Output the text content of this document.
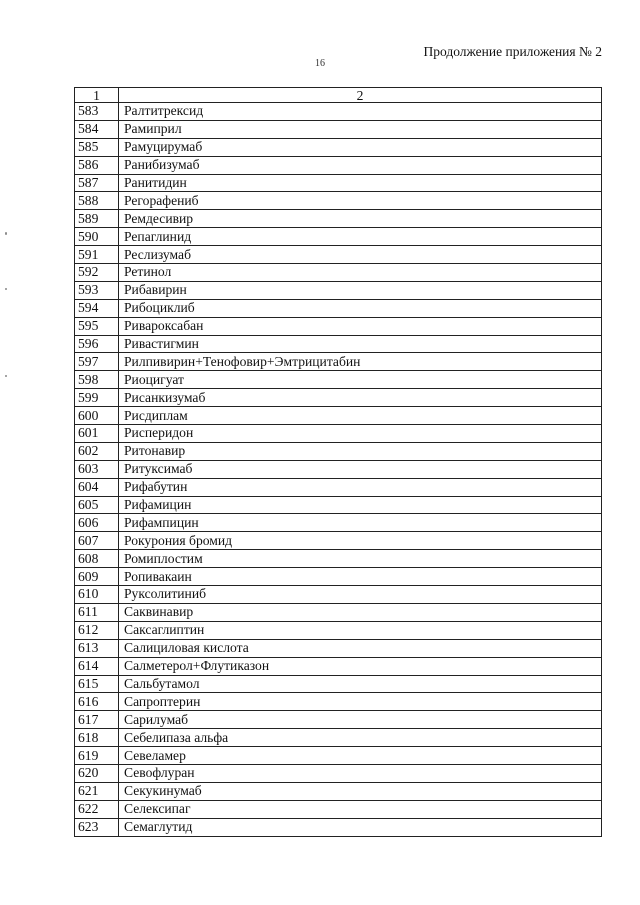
16
Продолжение приложения № 2
1	2
583	Ралтитрексид
584	Рамиприл
585	Рамуцирумаб
586	Ранибизумаб
587	Ранитидин
588	Регорафениб
589	Ремдесивир
590	Репаглинид
591	Реслизумаб
592	Ретинол
593	Рибавирин
594	Рибоциклиб
595	Ривароксабан
596	Ривастигмин
597	Рилпивирин+Тенофовир+Эмтрицитабин
598	Риоцигуат
599	Рисанкизумаб
600	Рисдиплам
601	Рисперидон
602	Ритонавир
603	Ритуксимаб
604	Рифабутин
605	Рифамицин
606	Рифампицин
607	Рокурония бромид
608	Ромиплостим
609	Ропивакаин
610	Руксолитиниб
611	Саквинавир
612	Саксаглиптин
613	Салициловая кислота
614	Салметерол+Флутиказон
615	Сальбутамол
616	Сапроптерин
617	Сарилумаб
618	Себелипаза альфа
619	Севеламер
620	Севофлуран
621	Секукинумаб
622	Селексипаг
623	Семаглутид
